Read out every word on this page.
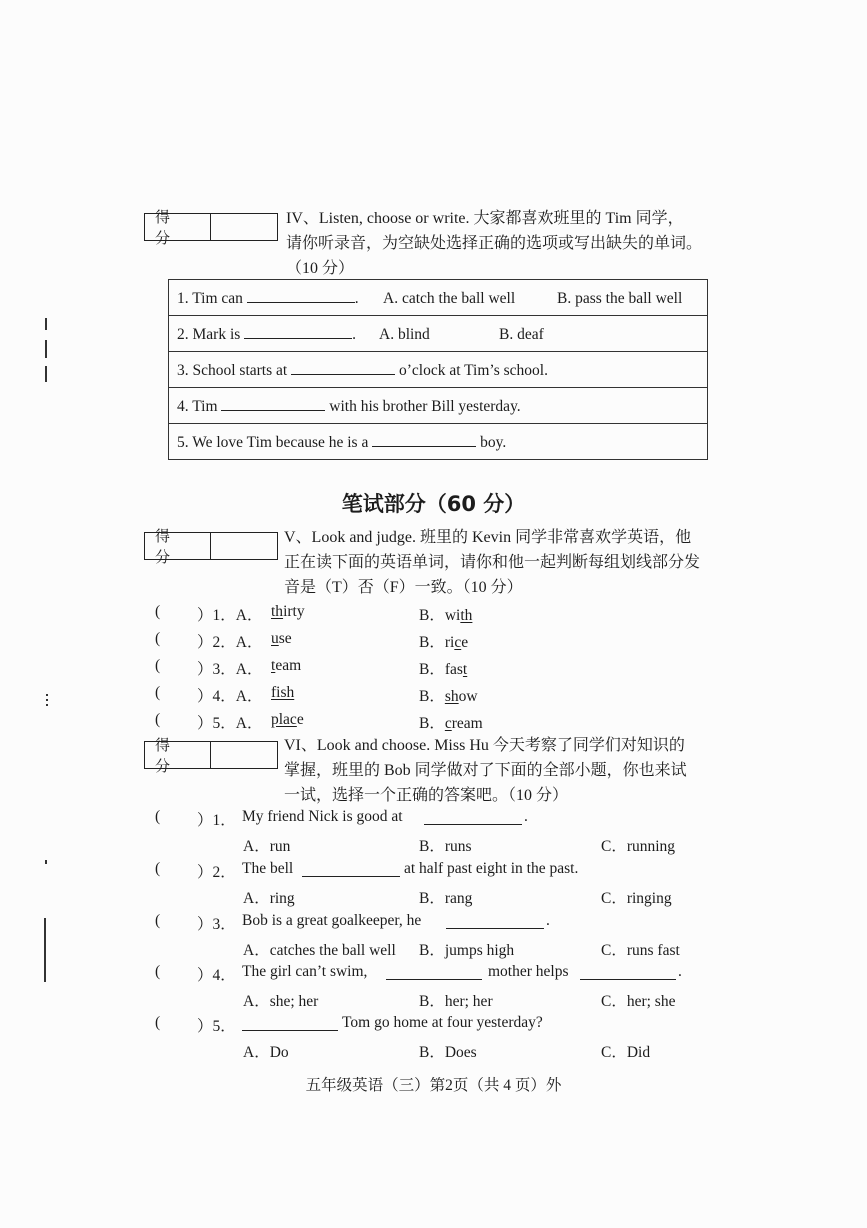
得 分
IV、Listen, choose or write. 大家都喜欢班里的 Tim 同学，
请你听录音，为空缺处选择正确的选项或写出缺失的单词。
（10 分）
1. Tim can	. A. catch the ball well	B. pass the ball well

2. Mark is	. A. blind	B. deaf

3. School starts at	o’clock at Tim’s school.
4. Tim	with his brother Bill yesterday.
5. We love Tim because he is a	boy.
笔试部分（60 分）
得 分
V、Look and judge. 班里的 Kevin 同学非常喜欢学英语，他
正在读下面的英语单词，请你和他一起判断每组划线部分发
音是（T）否（F）一致。（10 分）
( ）1．A． thirty	B．with
( ）2．A． use	B．rice
( ）3．A． team	B．fast
( ）4．A． fish	B．show
( ）5．A． place	B．cream
得 分
VI、Look and choose. Miss Hu 今天考察了同学们对知识的
掌握，班里的 Bob 同学做对了下面的全部小题，你也来试
一试，选择一个正确的答案吧。（10 分）
( ）1． My friend Nick is good at	.
A．run	B．runs	C．running
( ）2． The bell	at half past eight in the past.
A．ring	B．rang	C．ringing
( ）3． Bob is a great goalkeeper, he	.
A．catches the ball well B．jumps high	C．runs fast
( ）4． The girl can’t swim,	mother helps	.
A．she; her	B．her; her	C．her; she
( ）5．	Tom go home at four yesterday?
A．Do	B．Does	C．Did
五年级英语（三）第2页（共 4 页）外
